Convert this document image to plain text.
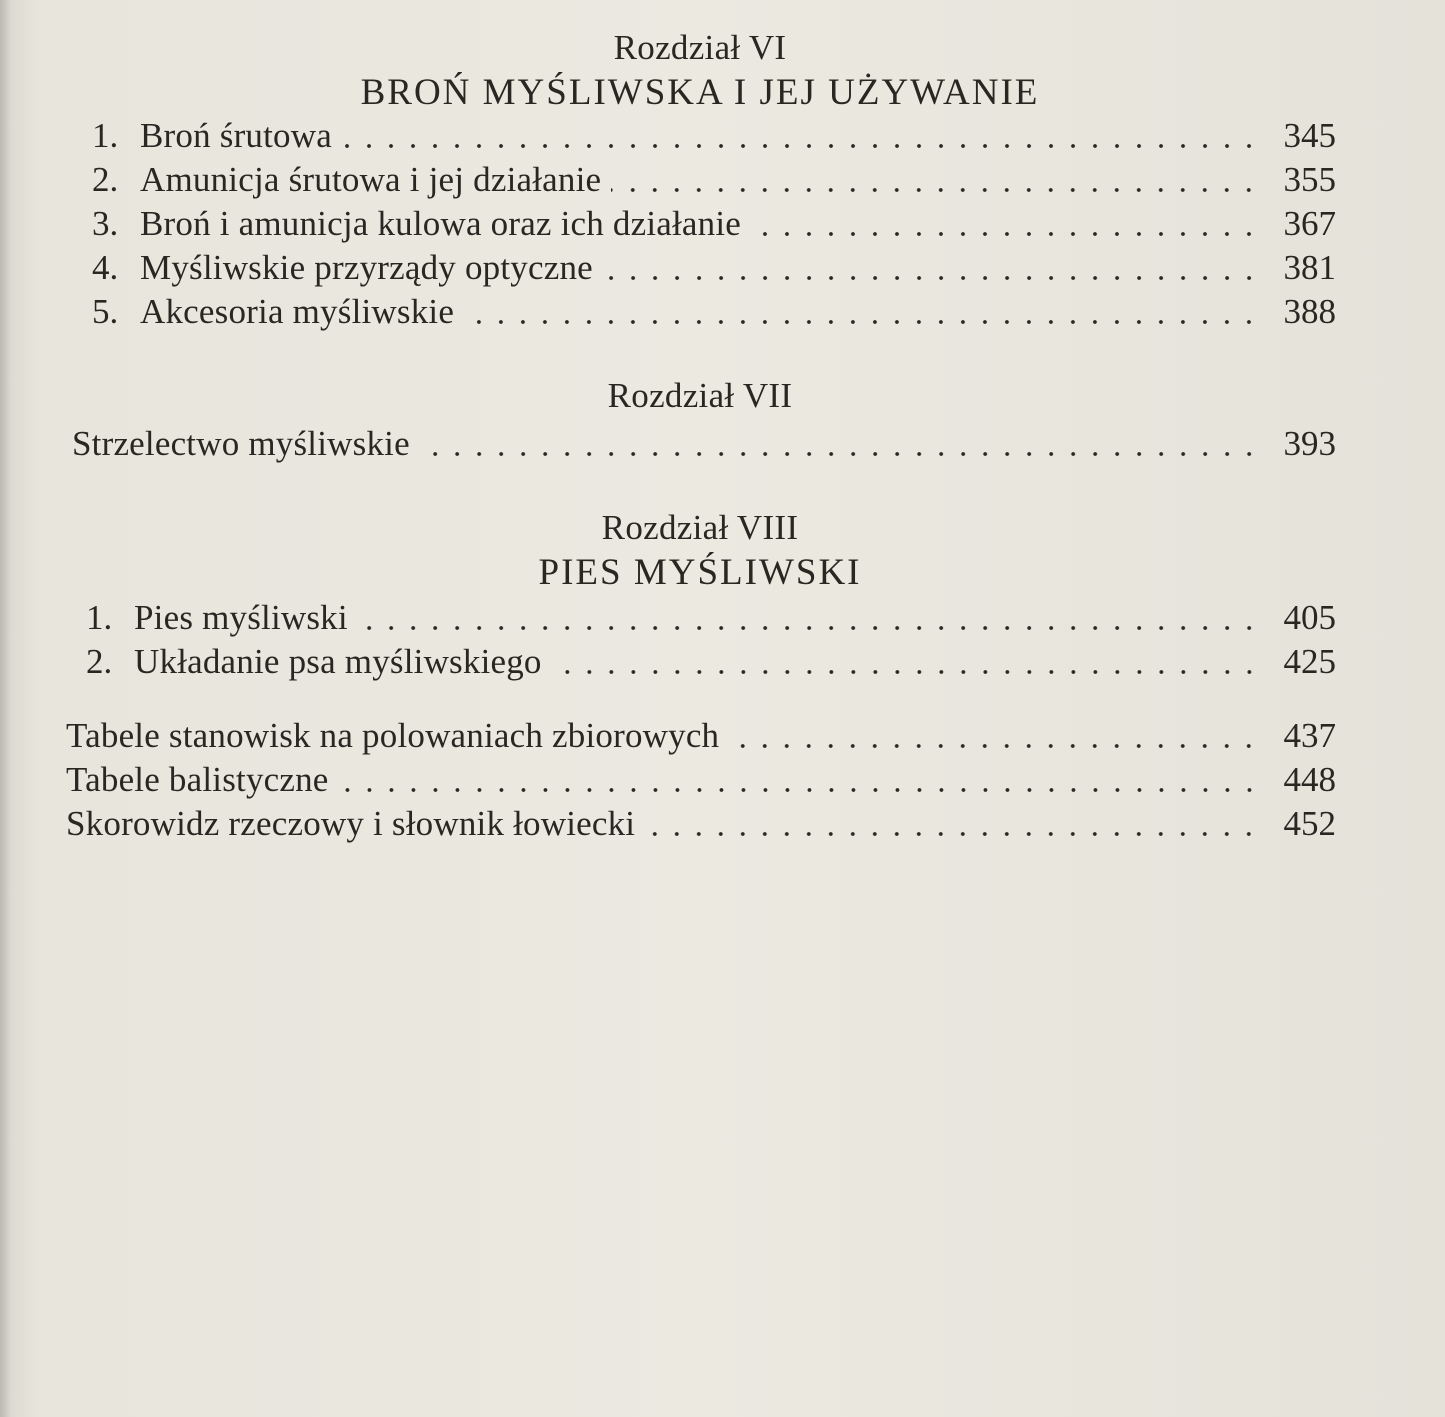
Rozdział VI
BROŃ MYŚLIWSKA I JEJ UŻYWANIE
1. Broń śrutowa	345
2. Amunicja śrutowa i jej działanie	355
3. Broń i amunicja kulowa oraz ich działanie	367
4. Myśliwskie przyrządy optyczne	381
5. Akcesoria myśliwskie	388
Rozdział VII
Strzelectwo myśliwskie	393
Rozdział VIII
PIES MYŚLIWSKI
1. Pies myśliwski	405
2. Układanie psa myśliwskiego	425
Tabele stanowisk na polowaniach zbiorowych	437
Tabele balistyczne	448
Skorowidz rzeczowy i słownik łowiecki	452
